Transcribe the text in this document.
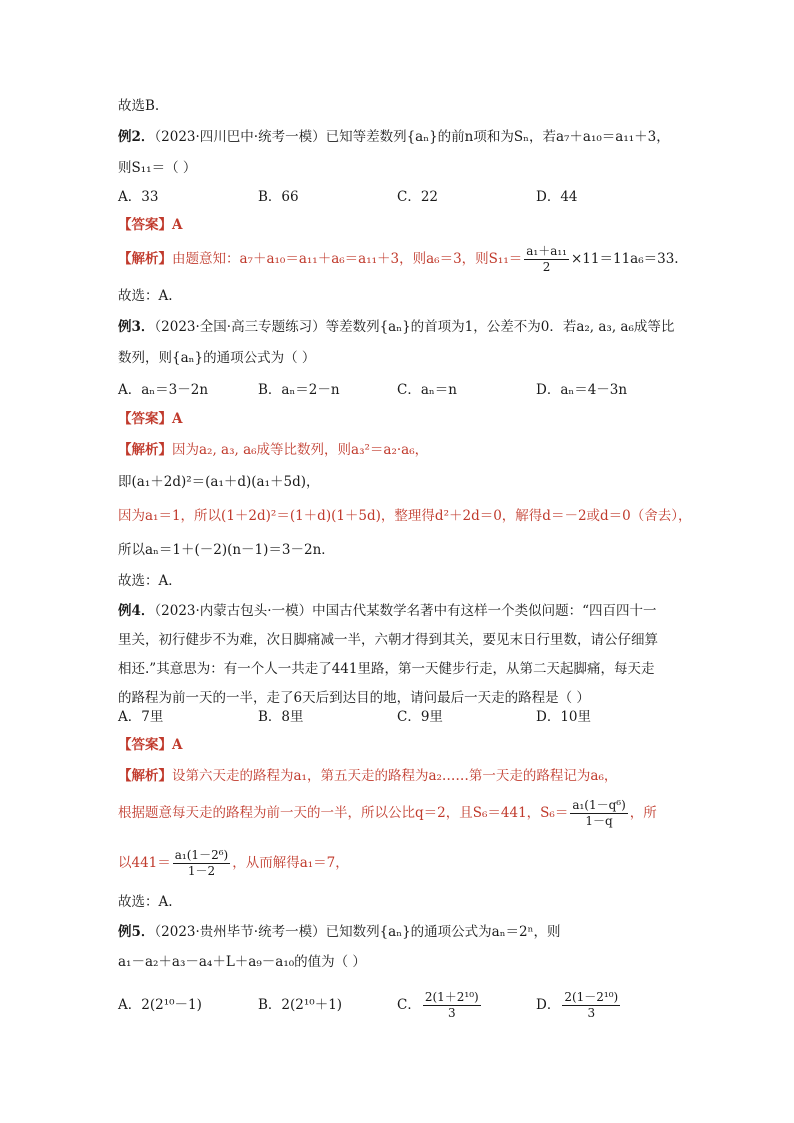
故选B.
例2．（2023·四川巴中·统考一模）已知等差数列{aₙ}的前n项和为Sₙ，若a₇＋a₁₀＝a₁₁＋3，
则S₁₁＝（ ）
A．33	B．66	C．22	D．44
【答案】A
【解析】 由题意知：a₇＋a₁₀＝a₁₁＋a₆＝a₁₁＋3，则a₆＝3，则$S_{11}= \frac{\text{a₁＋a₁₁}}{2} \times 11=11a_6=33$.
故选：A.
例3．（2023·全国·高三专题练习）等差数列{aₙ}的首项为1，公差不为0．若a₂, a₃, a₆成等比
数列，则{aₙ}的通项公式为（ ）
A．aₙ＝3－2n	B．aₙ＝2－n	C．aₙ＝n	D．aₙ＝4－3n
【答案】A
【解析】因为a₂, a₃, a₆成等比数列，则a₃²＝a₂·a₆，
即(a₁＋2d)²＝(a₁＋d)(a₁＋5d)，
因为a₁＝1，所以(1＋2d)²＝(1＋d)(1＋5d)，整理得d²＋2d＝0，解得d＝－2或d＝0（舍去），
所以aₙ＝1＋(－2)(n－1)＝3－2n．
故选：A．
例4．（2023·内蒙古包头·一模）中国古代某数学名著中有这样一个类似问题：“四百四十一
里关，初行健步不为难，次日脚痛减一半，六朝才得到其关，要见末日行里数，请公仔细算
相还.”其意思为：有一个人一共走了441里路，第一天健步行走，从第二天起脚痛，每天走
的路程为前一天的一半，走了6天后到达目的地，请问最后一天走的路程是（ ）
A．7里	B．8里	C．9里	D．10里
【答案】A
【解析】设第六天走的路程为a₁，第五天走的路程为a₂……第一天走的路程记为a₆，
根据题意每天走的路程为前一天的一半，所以公比q＝2，且S₆＝441，$S_6= \frac{\text{a₁(1－q⁶)}}{1-q}$ ，所
以$441= \frac{\text{a₁(1－2⁶)}}{1-2}$ ，从而解得a₁＝7，
故选：A.
例5．（2023·贵州毕节·统考一模）已知数列{aₙ}的通项公式为aₙ＝2ⁿ，则
a₁－a₂＋a₃－a₄＋L＋a₉－a₁₀的值为（ ）
A．2(2¹⁰－1)	B．2(2¹⁰＋1)	C． $\frac{\text{2(1＋2¹⁰)}}{3}$	D． $\frac{\text{2(1－2¹⁰)}}{3}$
